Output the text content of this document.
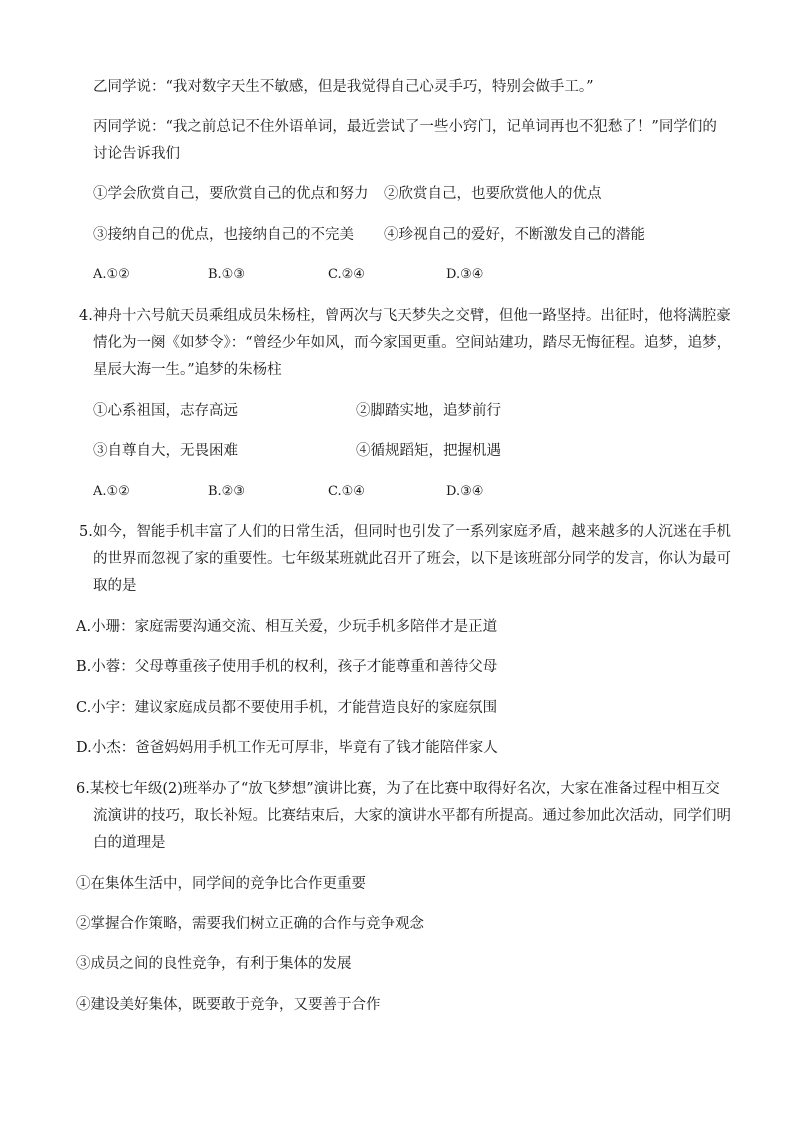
乙同学说：“我对数字天生不敏感，但是我觉得自己心灵手巧，特别会做手工。”
丙同学说：“我之前总记不住外语单词，最近尝试了一些小窍门，记单词再也不犯愁了！”同学们的
讨论告诉我们
①学会欣赏自己，要欣赏自己的优点和努力 ②欣赏自己，也要欣赏他人的优点
③接纳自己的优点，也接纳自己的不完美 ④珍视自己的爱好，不断激发自己的潜能
A.①②	B.①③	C.②④	D.③④
4.神舟十六号航天员乘组成员朱杨柱，曾两次与飞天梦失之交臂，但他一路坚持。出征时，他将满腔豪
情化为一阕《如梦令》：“曾经少年如风，而今家国更重。空间站建功，踏尽无悔征程。追梦，追梦，
星辰大海一生。”追梦的朱杨柱
①心系祖国，志存高远	②脚踏实地，追梦前行
③自尊自大，无畏困难	④循规蹈矩，把握机遇
A.①②	B.②③	C.①④	D.③④
5.如今，智能手机丰富了人们的日常生活，但同时也引发了一系列家庭矛盾，越来越多的人沉迷在手机
的世界而忽视了家的重要性。七年级某班就此召开了班会，以下是该班部分同学的发言，你认为最可
取的是
A.小珊：家庭需要沟通交流、相互关爱，少玩手机多陪伴才是正道
B.小蓉：父母尊重孩子使用手机的权利，孩子才能尊重和善待父母
C.小宇：建议家庭成员都不要使用手机，才能营造良好的家庭氛围
D.小杰：爸爸妈妈用手机工作无可厚非，毕竟有了钱才能陪伴家人
6.某校七年级(2)班举办了“放飞梦想”演讲比赛，为了在比赛中取得好名次，大家在准备过程中相互交
流演讲的技巧，取长补短。比赛结束后，大家的演讲水平都有所提高。通过参加此次活动，同学们明
白的道理是
①在集体生活中，同学间的竞争比合作更重要
②掌握合作策略，需要我们树立正确的合作与竞争观念
③成员之间的良性竞争，有利于集体的发展
④建设美好集体，既要敢于竞争，又要善于合作
